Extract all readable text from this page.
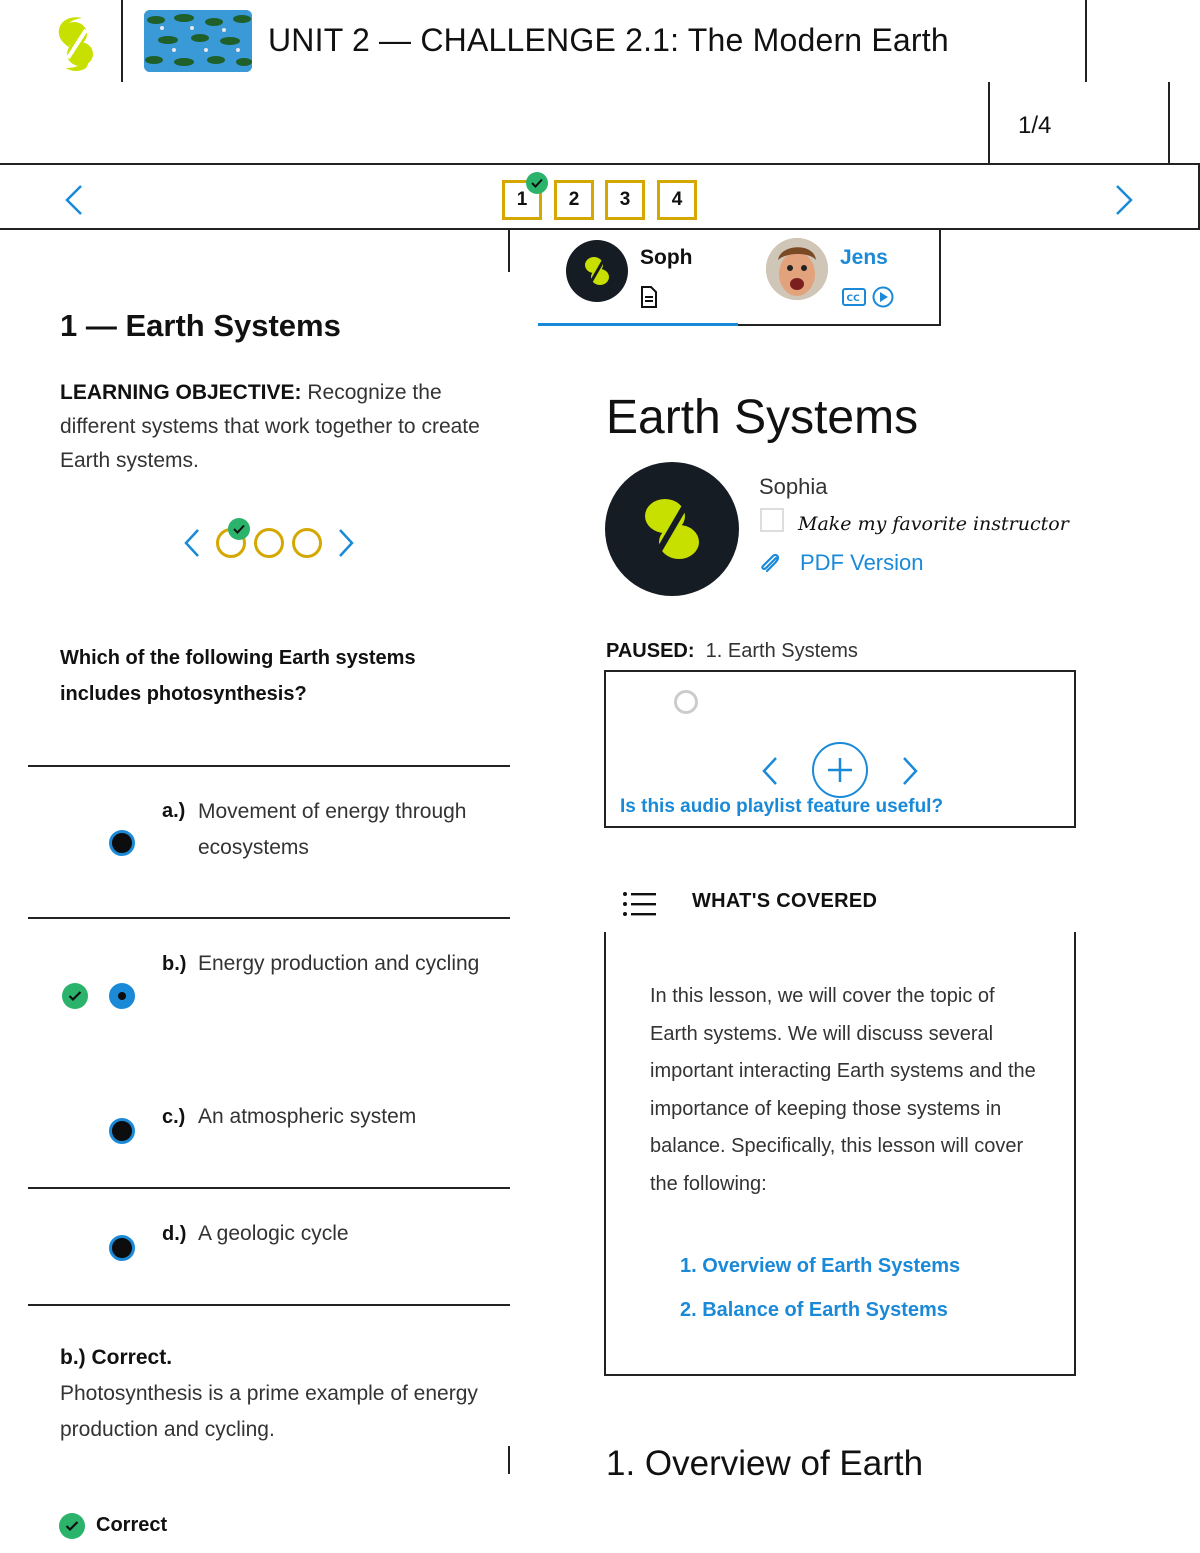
UNIT 2 — CHALLENGE 2.1: The Modern Earth
1/4
1 2 3 4
1 — Earth Systems
LEARNING OBJECTIVE: Recognize the different systems that work together to create Earth systems.
Which of the following Earth systems includes photosynthesis?
a.) Movement of energy through ecosystems
b.) Energy production and cycling
c.) An atmospheric system
d.) A geologic cycle
b.) Correct.
Photosynthesis is a prime example of energy production and cycling.
Correct
Soph	Jens
CC
Earth Systems
Sophia
Make my favorite instructor
PDF Version
PAUSED: 1. Earth Systems
Is this audio playlist feature useful?
WHAT'S COVERED
In this lesson, we will cover the topic of Earth systems. We will discuss several important interacting Earth systems and the importance of keeping those systems in balance. Specifically, this lesson will cover the following:
1. Overview of Earth Systems
2. Balance of Earth Systems
1. Overview of Earth
